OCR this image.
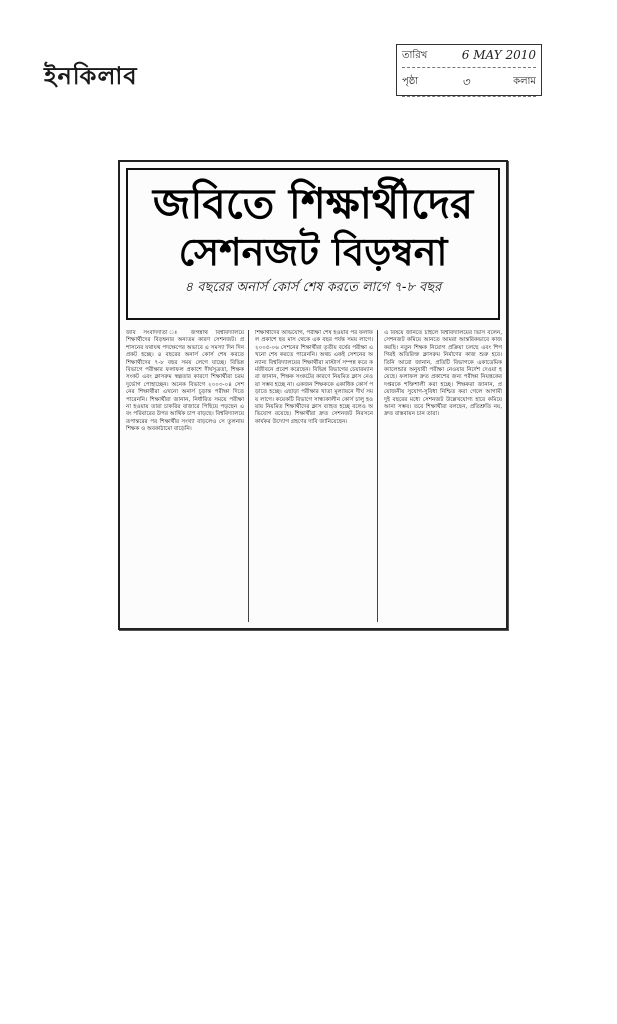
ইনকিলাব
তারিখ	6 MAY 2010
পৃষ্ঠা	৩	কলাম
জবিতে শিক্ষার্থীদের
সেশনজট বিড়ম্বনা
৪ বছরের অনার্স কোর্স শেষ করতে লাগে ৭-৮ বছর
জবি সংবাদদাতা ঃ জগন্নাথ বিশ্ববিদ্যালয়ে শিক্ষার্থীদের বিড়ম্বনার অন্যতম কারণ সেশনজট। প্রশাসনের যথাযথ পদক্ষেপের অভাবে এ সমস্যা দিন দিন প্রকট হচ্ছে। ৪ বছরের অনার্স কোর্স শেষ করতে শিক্ষার্থীদের ৭-৮ বছর সময় লেগে যাচ্ছে। বিভিন্ন বিভাগে পরীক্ষার ফলাফল প্রকাশে দীর্ঘসূত্রতা, শিক্ষক সংকট এবং ক্লাসরুম স্বল্পতার কারণে শিক্ষার্থীরা চরম দুর্ভোগ পোহাচ্ছেন। অনেক বিভাগে ২০০৩-০৪ সেশনের শিক্ষার্থীরা এখনো অনার্স চূড়ান্ত পরীক্ষা দিতে পারেননি। শিক্ষার্থীরা জানান, নির্ধারিত সময়ে পরীক্ষা না হওয়ায় তারা চাকরির বাজারে পিছিয়ে পড়ছেন এবং পরিবারের উপর আর্থিক চাপ বাড়ছে। বিশ্ববিদ্যালয়ে রূপান্তরের পর শিক্ষার্থীর সংখ্যা বাড়লেও সে তুলনায় শিক্ষক ও অবকাঠামো বাড়েনি।
শিক্ষার্থীদের অভিযোগ, পরীক্ষা শেষ হওয়ার পর ফলাফল প্রকাশে ছয় মাস থেকে এক বছর পর্যন্ত সময় লাগে। ২০০৫-০৬ সেশনের শিক্ষার্থীরা তৃতীয় বর্ষের পরীক্ষা এখনো শেষ করতে পারেননি। অথচ একই সেশনের অন্যান্য বিশ্ববিদ্যালয়ের শিক্ষার্থীরা মাস্টার্স সম্পন্ন করে কর্মজীবনে প্রবেশ করেছেন। বিভিন্ন বিভাগের চেয়ারম্যানরা জানান, শিক্ষক সংকটের কারণে নিয়মিত ক্লাস নেওয়া সম্ভব হচ্ছে না। একজন শিক্ষককে একাধিক কোর্স পড়াতে হচ্ছে। এছাড়া পরীক্ষার খাতা মূল্যায়নে দীর্ঘ সময় লাগে। কয়েকটি বিভাগে সান্ধ্যকালীন কোর্স চালু হওয়ায় নিয়মিত শিক্ষার্থীদের ক্লাস ব্যাহত হচ্ছে বলেও অভিযোগ রয়েছে। শিক্ষার্থীরা দ্রুত সেশনজট নিরসনে কার্যকর উদ্যোগ গ্রহণের দাবি জানিয়েছেন।
এ বিষয়ে জানতে চাইলে বিশ্ববিদ্যালয়ের ভিসি বলেন, সেশনজট কমিয়ে আনতে আমরা আন্তরিকভাবে কাজ করছি। নতুন শিক্ষক নিয়োগ প্রক্রিয়া চলছে এবং শিগগিরই অতিরিক্ত ক্লাসরুম নির্মাণের কাজ শুরু হবে। তিনি আরো জানান, প্রতিটি বিভাগকে একাডেমিক ক্যালেন্ডার অনুযায়ী পরীক্ষা নেওয়ার নির্দেশ দেওয়া হয়েছে। ফলাফল দ্রুত প্রকাশের জন্য পরীক্ষা নিয়ন্ত্রকের দপ্তরকে শক্তিশালী করা হচ্ছে। শিক্ষকরা জানান, প্রয়োজনীয় সুযোগ-সুবিধা নিশ্চিত করা গেলে আগামী দুই বছরের মধ্যে সেশনজট উল্লেখযোগ্য হারে কমিয়ে আনা সম্ভব। তবে শিক্ষার্থীরা বলছেন, প্রতিশ্রুতি নয়, দ্রুত বাস্তবায়ন চান তারা।
